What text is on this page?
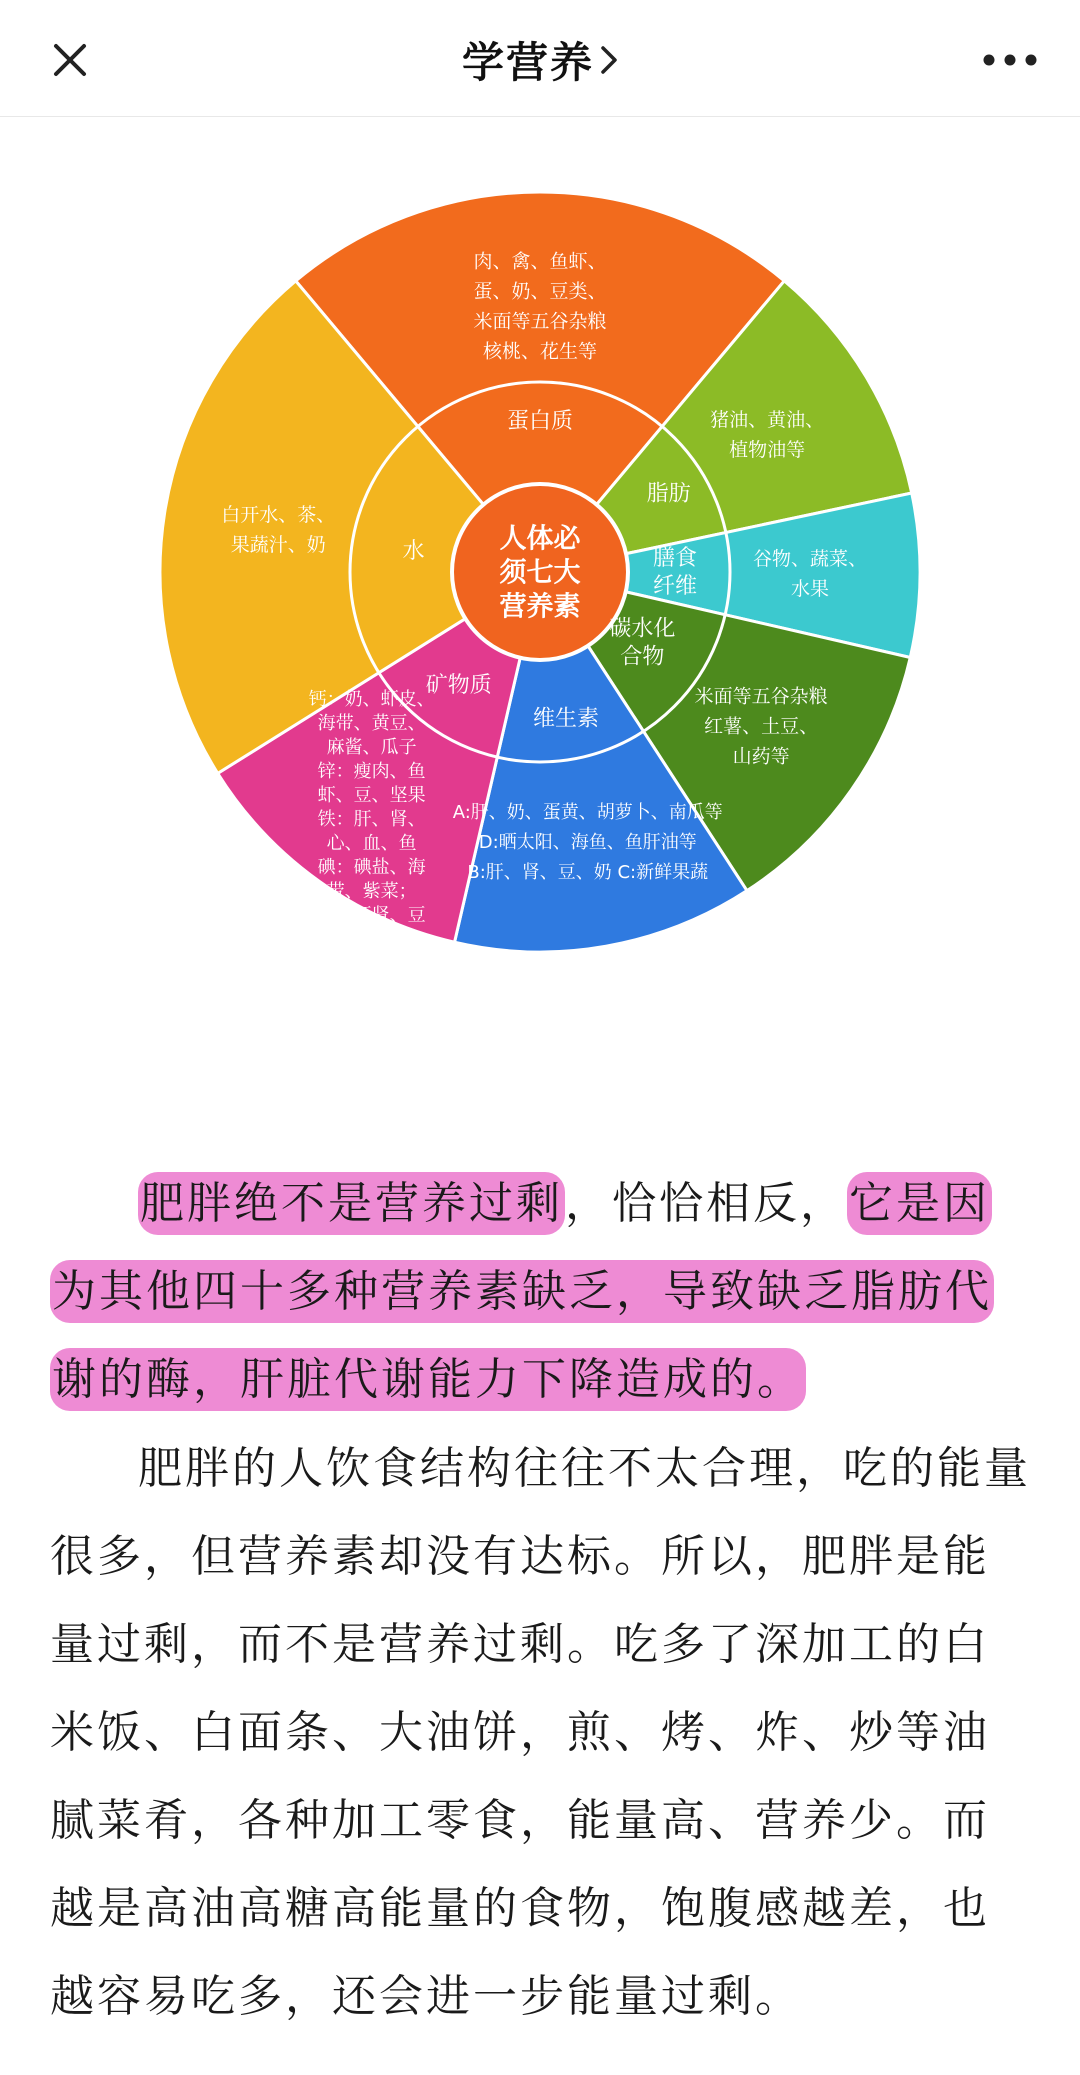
学营养
人体必须七大营养素
蛋白质
肉、禽、鱼虾、蛋、奶、豆类、米面等五谷杂粮核桃、花生等
脂肪
猪油、黄油、植物油等
膳食纤维
谷物、蔬菜、水果
碳水化合物
米面等五谷杂粮红薯、土豆、山药等
维生素
A:肝、奶、蛋黄、胡萝卜、南瓜等 D:晒太阳、海鱼、鱼肝油等 B:肝、肾、豆、奶 C:新鲜果蔬
矿物质
钙：奶、虾皮、海带、黄豆、麻酱、瓜子锌：瘦肉、鱼虾、豆、坚果铁：肝、肾、心、血、鱼碘：碘盐、海带、紫菜；铜：肝肾、豆
水
白开水、茶、果蔬汁、奶

肥胖绝不是营养过剩，恰恰相反，它是因为其他四十多种营养素缺乏，导致缺乏脂肪代谢的酶，肝脏代谢能力下降造成的。

肥胖的人饮食结构往往不太合理，吃的能量很多，但营养素却没有达标。所以，肥胖是能量过剩，而不是营养过剩。吃多了深加工的白米饭、白面条、大油饼，煎、烤、炸、炒等油腻菜肴，各种加工零食，能量高、营养少。而越是高油高糖高能量的食物，饱腹感越差，也越容易吃多，还会进一步能量过剩。
